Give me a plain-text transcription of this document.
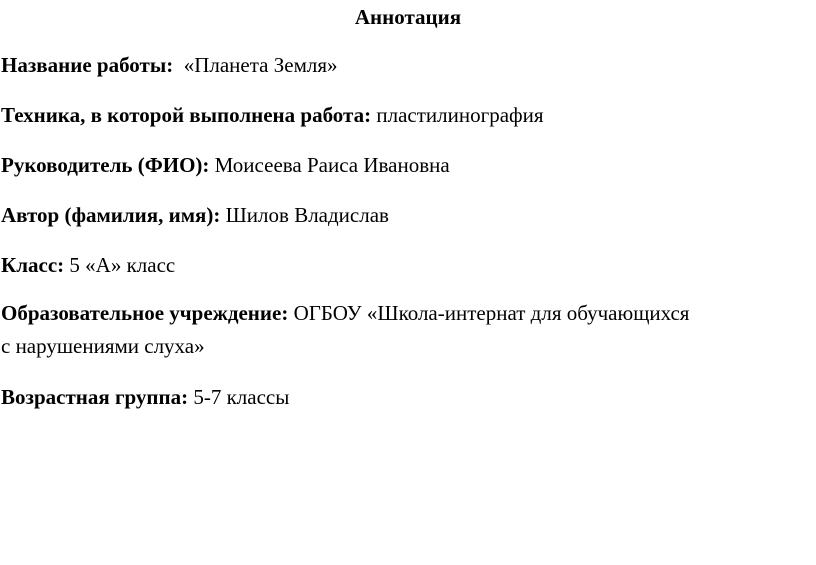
Аннотация
Название работы:  «Планета Земля»
Техника, в которой выполнена работа: пластилинография
Руководитель (ФИО): Моисеева Раиса Ивановна
Автор (фамилия, имя): Шилов Владислав
Класс: 5 «А» класс
Образовательное учреждение: ОГБОУ «Школа-интернат для обучающихся
с нарушениями слуха»
Возрастная группа: 5-7 классы
